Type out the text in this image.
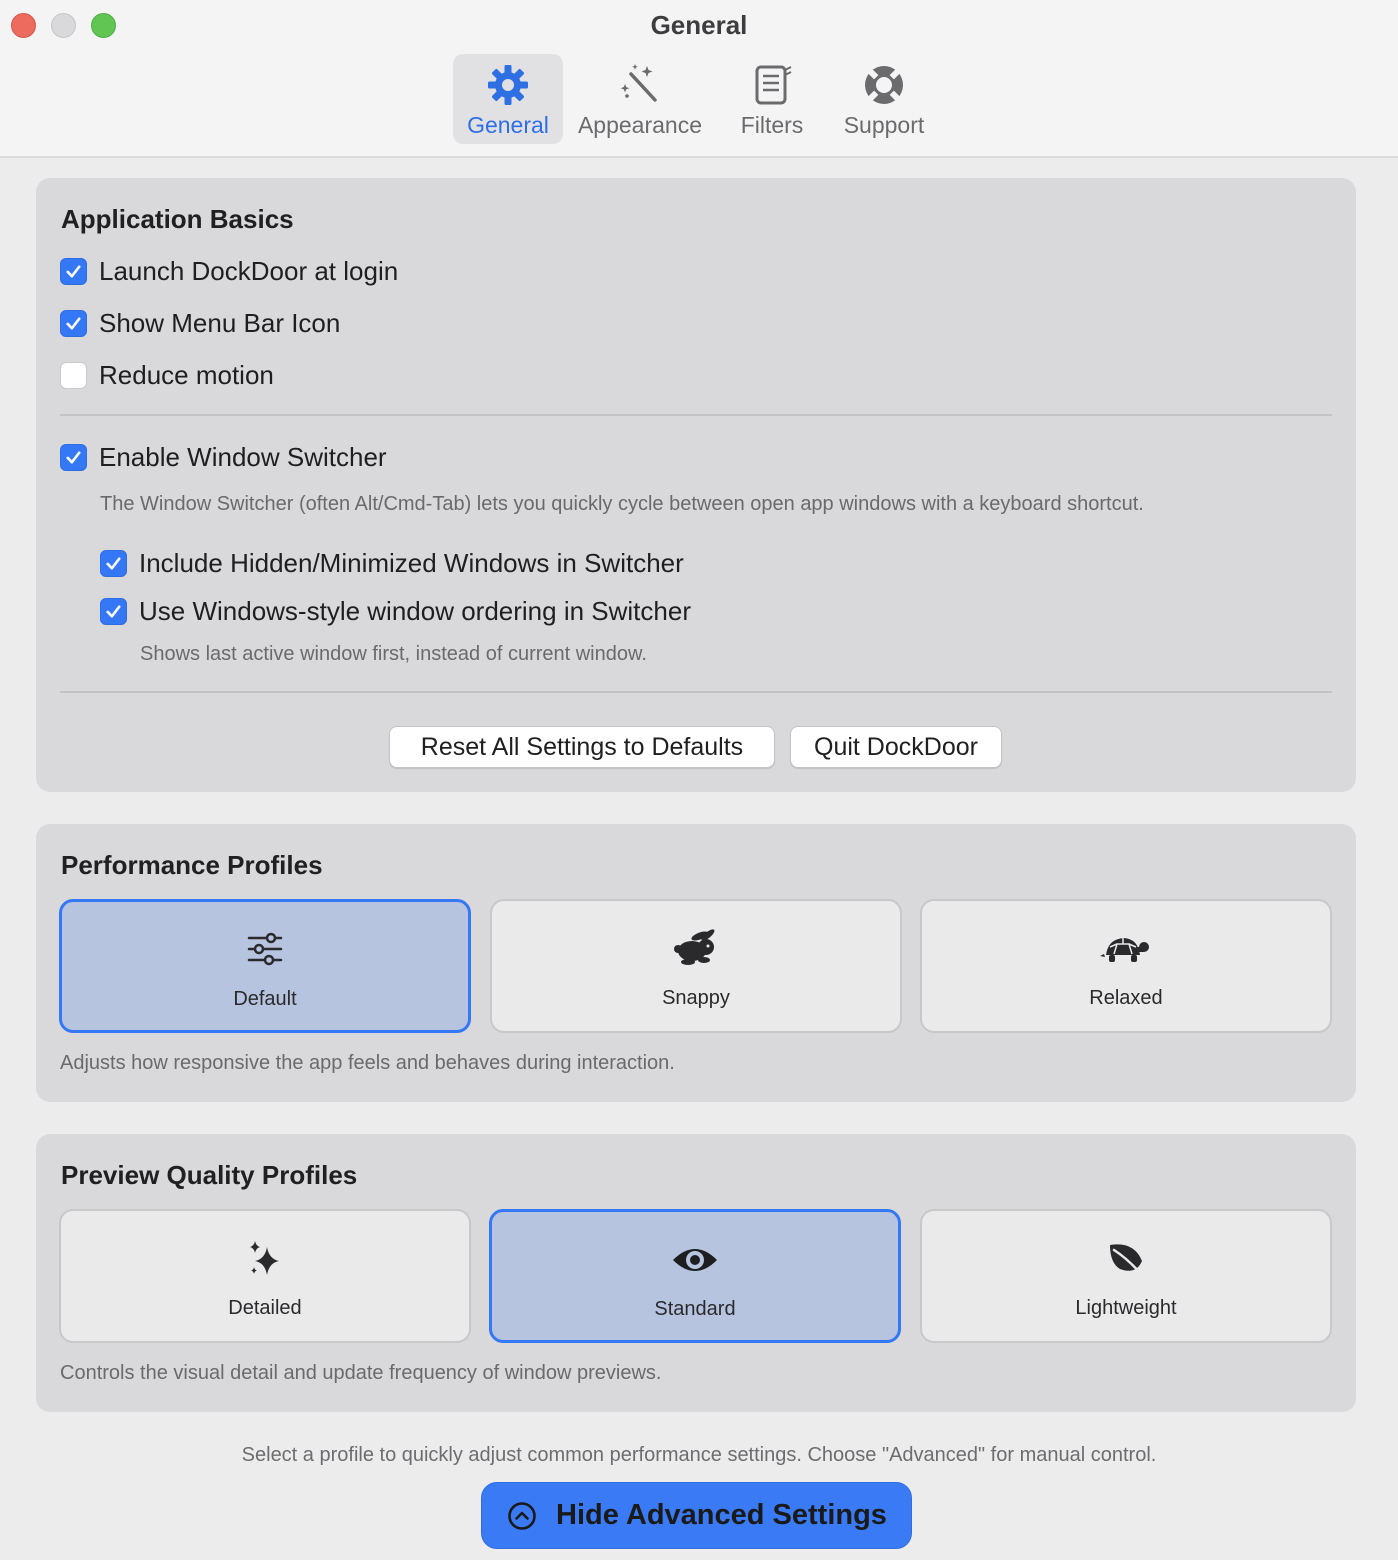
General
General Appearance Filters Support
Application Basics
Launch DockDoor at login
Show Menu Bar Icon
Reduce motion
Enable Window Switcher
The Window Switcher (often Alt/Cmd-Tab) lets you quickly cycle between open app windows with a keyboard shortcut.
Include Hidden/Minimized Windows in Switcher
Use Windows-style window ordering in Switcher
Shows last active window first, instead of current window.
Reset All Settings to Defaults	Quit DockDoor
Performance Profiles
Default	Snappy	Relaxed
Adjusts how responsive the app feels and behaves during interaction.
Preview Quality Profiles
Detailed	Standard	Lightweight
Controls the visual detail and update frequency of window previews.
Select a profile to quickly adjust common performance settings. Choose "Advanced" for manual control.
Hide Advanced Settings
